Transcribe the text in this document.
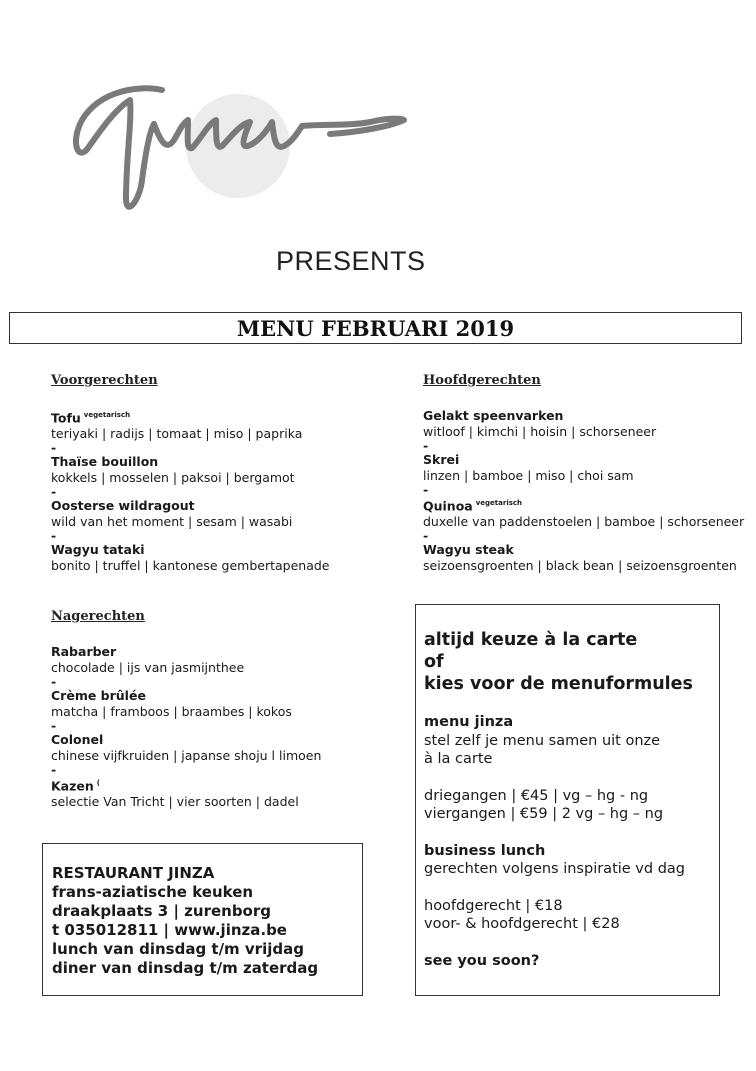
PRESENTS
MENU FEBRUARI 2019
Voorgerechten
Tofu $^{vegetarisch}$
teriyaki | radijs | tomaat | miso | paprika
-
Thaïse bouillon
kokkels | mosselen | paksoi | bergamot
-
Oosterse wildragout
wild van het moment | sesam | wasabi
-
Wagyu tataki
bonito | truffel | kantonese gembertapenade
Hoofdgerechten
Gelakt speenvarken
witloof | kimchi | hoisin | schorseneer
-
Skrei
linzen | bamboe | miso | choi sam
-
Quinoa $^{vegetarisch}$
duxelle van paddenstoelen | bamboe | schorseneer
-
Wagyu steak
seizoensgroenten | black bean | seizoensgroenten
Nagerechten
Rabarber
chocolade | ijs van jasmijnthee
-
Crème brûlée
matcha | framboos | braambes | kokos
-
Colonel
chinese vijfkruiden | japanse shoju l limoen
-
Kazen (
selectie Van Tricht | vier soorten | dadel
RESTAURANT JINZA
frans-aziatische keuken
draakplaats 3 | zurenborg
t 035012811 | www.jinza.be
lunch van dinsdag t/m vrijdag
diner van dinsdag t/m zaterdag
altijd keuze à la carte
of
kies voor de menuformules
menu jinza
stel zelf je menu samen uit onze
à la carte
driegangen | €45 | vg – hg - ng
viergangen | €59 | 2 vg – hg – ng
business lunch
gerechten volgens inspiratie vd dag
hoofdgerecht | €18
voor- & hoofdgerecht | €28
see you soon?
